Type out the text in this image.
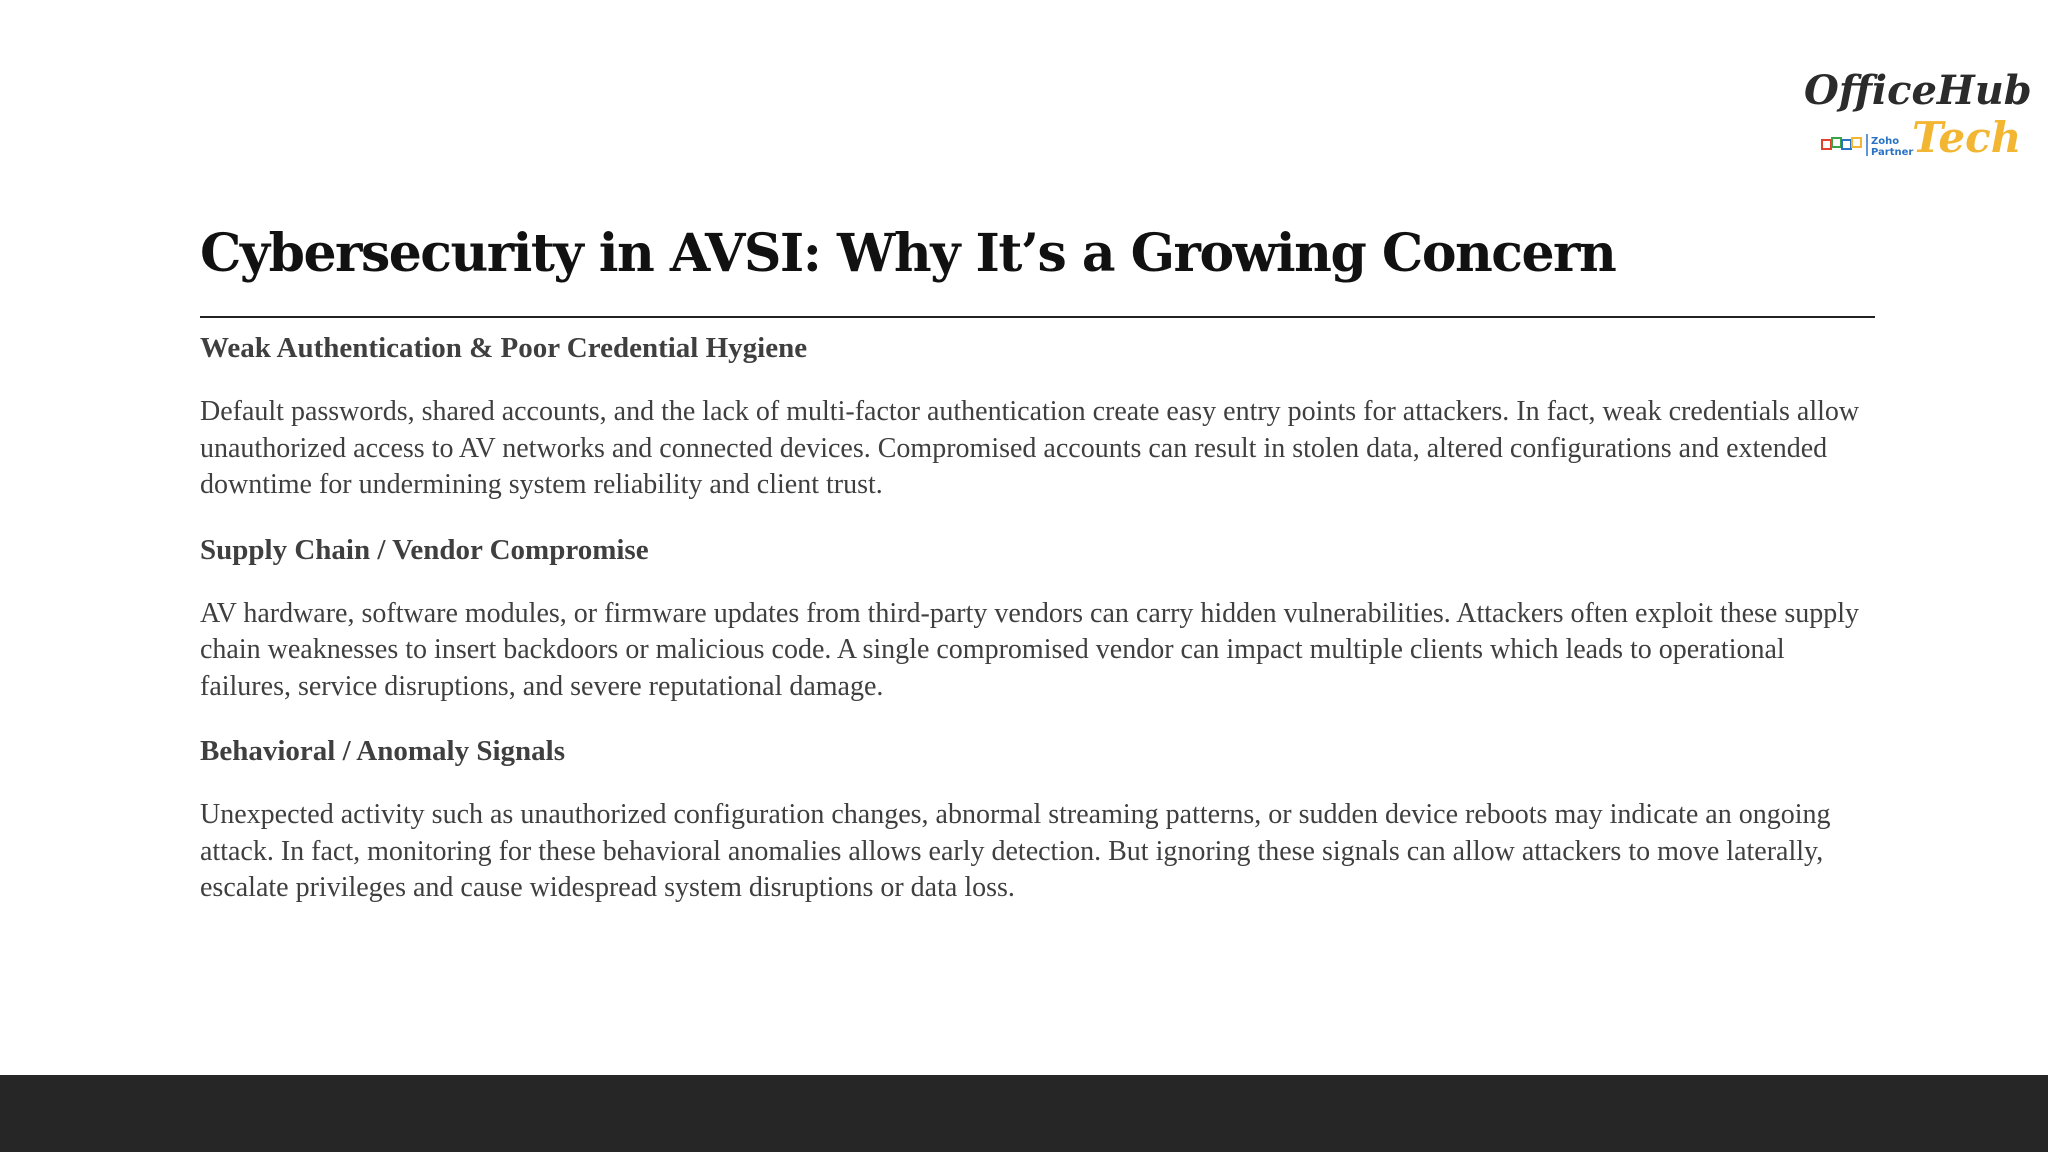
OfficeHub
Tech
Zoho
Partner
Cybersecurity in AVSI: Why It’s a Growing Concern
Weak Authentication & Poor Credential Hygiene

Default passwords, shared accounts, and the lack of multi-factor authentication create easy entry points for attackers. In fact, weak credentials allow unauthorized access to AV networks and connected devices. Compromised accounts can result in stolen data, altered configurations and extended downtime for undermining system reliability and client trust.

Supply Chain / Vendor Compromise

AV hardware, software modules, or firmware updates from third-party vendors can carry hidden vulnerabilities. Attackers often exploit these supply chain weaknesses to insert backdoors or malicious code. A single compromised vendor can impact multiple clients which leads to operational failures, service disruptions, and severe reputational damage.

Behavioral / Anomaly Signals

Unexpected activity such as unauthorized configuration changes, abnormal streaming patterns, or sudden device reboots may indicate an ongoing attack. In fact, monitoring for these behavioral anomalies allows early detection. But ignoring these signals can allow attackers to move laterally, escalate privileges and cause widespread system disruptions or data loss.
